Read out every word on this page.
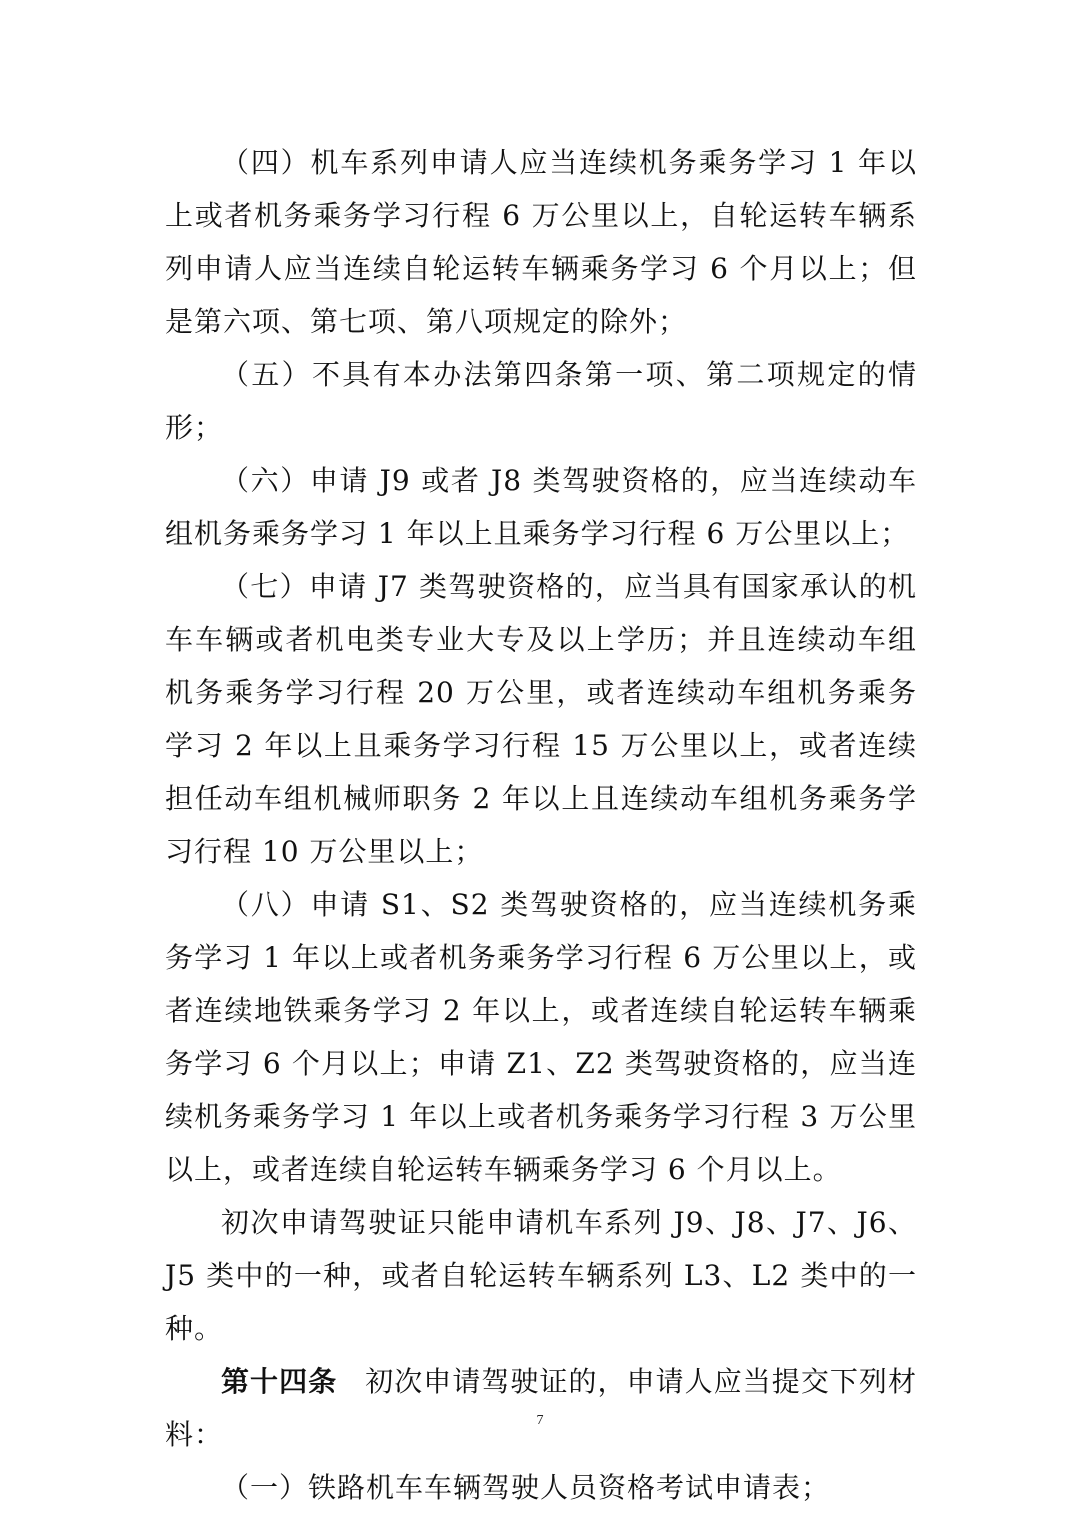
（四）机车系列申请人应当连续机务乘务学习 1 年以上或者机务乘务学习行程 6 万公里以上，自轮运转车辆系列申请人应当连续自轮运转车辆乘务学习 6 个月以上；但是第六项、第七项、第八项规定的除外；

（五）不具有本办法第四条第一项、第二项规定的情形；

（六）申请 J9 或者 J8 类驾驶资格的，应当连续动车组机务乘务学习 1 年以上且乘务学习行程 6 万公里以上；

（七）申请 J7 类驾驶资格的，应当具有国家承认的机车车辆或者机电类专业大专及以上学历；并且连续动车组机务乘务学习行程 20 万公里，或者连续动车组机务乘务学习 2 年以上且乘务学习行程 15 万公里以上，或者连续担任动车组机械师职务 2 年以上且连续动车组机务乘务学习行程 10 万公里以上；

（八）申请 S1、S2 类驾驶资格的，应当连续机务乘务学习 1 年以上或者机务乘务学习行程 6 万公里以上，或者连续地铁乘务学习 2 年以上，或者连续自轮运转车辆乘务学习 6 个月以上；申请 Z1、Z2 类驾驶资格的，应当连续机务乘务学习 1 年以上或者机务乘务学习行程 3 万公里以上，或者连续自轮运转车辆乘务学习 6 个月以上。

初次申请驾驶证只能申请机车系列 J9、J8、J7、J6、J5 类中的一种，或者自轮运转车辆系列 L3、L2 类中的一种。

第十四条 初次申请驾驶证的，申请人应当提交下列材料：

（一）铁路机车车辆驾驶人员资格考试申请表；

7
